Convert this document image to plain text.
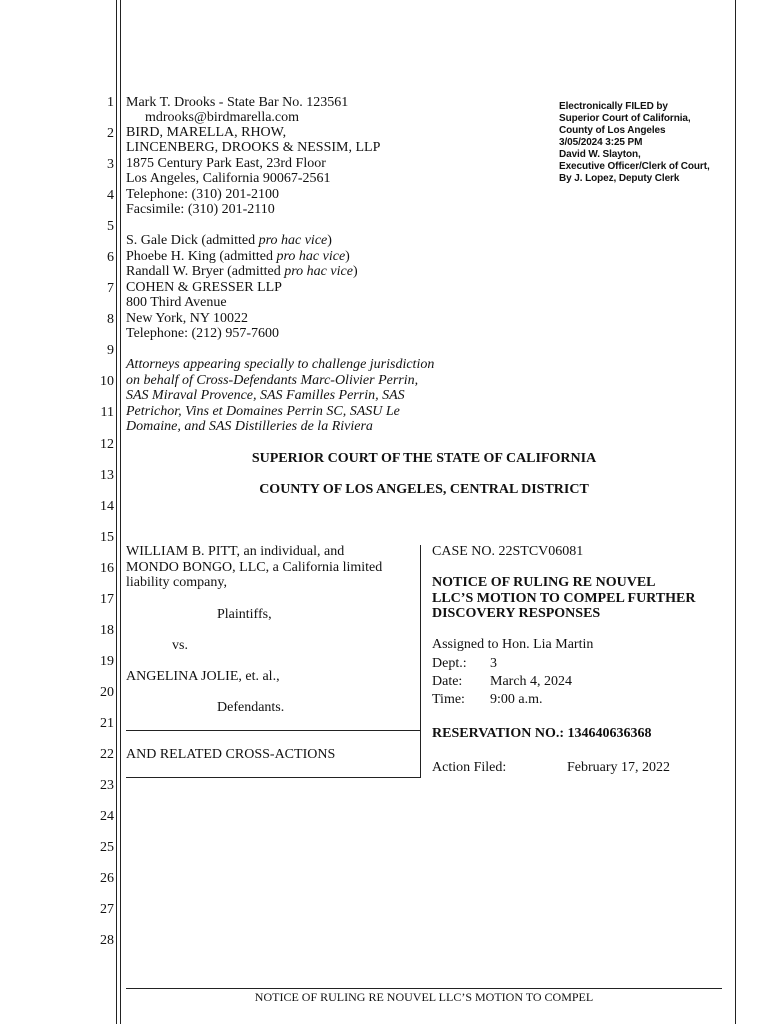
1
2
3
4
5
6
7
8
9
10
11
12
13
14
15
16
17
18
19
20
21
22
23
24
25
26
27
28
Mark T. Drooks - State Bar No. 123561
mdrooks@birdmarella.com
BIRD, MARELLA, RHOW,
LINCENBERG, DROOKS & NESSIM, LLP
1875 Century Park East, 23rd Floor
Los Angeles, California 90067-2561
Telephone: (310) 201-2100
Facsimile: (310) 201-2110
S. Gale Dick (admitted pro hac vice)
Phoebe H. King (admitted pro hac vice)
Randall W. Bryer (admitted pro hac vice)
COHEN & GRESSER LLP
800 Third Avenue
New York, NY 10022
Telephone: (212) 957-7600
Attorneys appearing specially to challenge jurisdiction
on behalf of Cross-Defendants Marc-Olivier Perrin,
SAS Miraval Provence, SAS Familles Perrin, SAS
Petrichor, Vins et Domaines Perrin SC, SASU Le
Domaine, and SAS Distilleries de la Riviera
Electronically FILED by
Superior Court of California,
County of Los Angeles
3/05/2024 3:25 PM
David W. Slayton,
Executive Officer/Clerk of Court,
By J. Lopez, Deputy Clerk
SUPERIOR COURT OF THE STATE OF CALIFORNIA
COUNTY OF LOS ANGELES, CENTRAL DISTRICT
WILLIAM B. PITT, an individual, and
MONDO BONGO, LLC, a California limited
liability company,
Plaintiffs,
vs.
ANGELINA JOLIE, et. al.,
Defendants.
AND RELATED CROSS-ACTIONS
CASE NO. 22STCV06081
NOTICE OF RULING RE NOUVEL
LLC’S MOTION TO COMPEL FURTHER
DISCOVERY RESPONSES
Assigned to Hon. Lia Martin
Dept.: 3
Date: March 4, 2024
Time: 9:00 a.m.
RESERVATION NO.: 134640636368
Action Filed:	February 17, 2022
NOTICE OF RULING RE NOUVEL LLC’S MOTION TO COMPEL
